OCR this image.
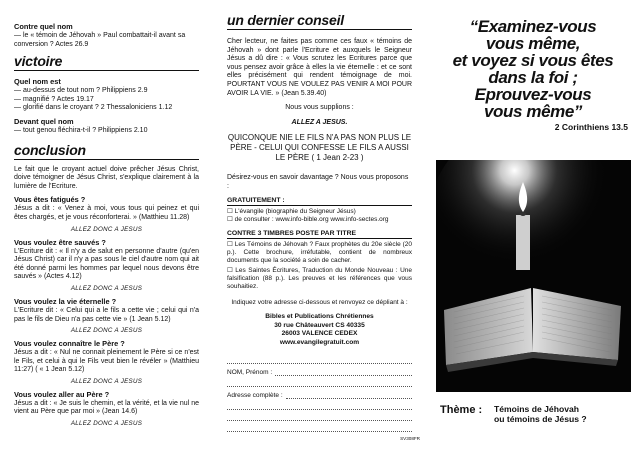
Contre quel nom

— le « témoin de Jéhovah » Paul combattait-il avant sa conversion ? Actes 26.9

victoire

Quel nom est

— au-dessus de tout nom ? Philippiens 2.9

— magnifié ? Actes 19.17

— glorifié dans le croyant ? 2 Thessaloniciens 1.12

Devant quel nom

— tout genou fléchira-t-il ? Philippiens 2.10

conclusion

Le fait que le croyant actuel doive prêcher Jésus Christ, doive témoigner de Jésus Christ, s'explique clairement à la lumière de l'Ecriture.

Vous êtes fatigués ?

Jésus a dit : « Venez à moi, vous tous qui peinez et qui êtes chargés, et je vous réconforterai. » (Matthieu 11.28)

ALLEZ DONC A JESUS

Vous voulez être sauvés ?

L'Ecriture dit : « Il n'y a de salut en personne d'autre (qu'en Jésus Christ) car il n'y a pas sous le ciel d'autre nom qui ait été donné parmi les hommes par lequel nous devons être sauvés » (Actes 4.12)

ALLEZ DONC A JESUS

Vous voulez la vie éternelle ?

L'Ecriture dit : « Celui qui a le fils a cette vie ; celui qui n'a pas le fils de Dieu n'a pas cette vie » (1 Jean 5.12)

ALLEZ DONC A JESUS

Vous voulez connaître le Père ?

Jésus a dit : « Nul ne connait pleinement le Père si ce n'est le Fils, et celui à qui le Fils veut bien le révéler » (Matthieu 11:27) ( « 1 Jean 5.12)

ALLEZ DONC A JESUS

Vous voulez aller au Père ?

Jésus a dit : « Je suis le chemin, et la vérité, et la vie nul ne vient au Père que par moi » (Jean 14.6)

ALLEZ DONC A JESUS

un dernier conseil

Cher lecteur, ne faites pas comme ces faux « témoins de Jéhovah » dont parle l'Ecriture et auxquels le Seigneur Jésus a dû dire : « Vous scrutez les Ecritures parce que vous pensez avoir grâce à elles la vie éternelle : et ce sont elles précisément qui rendent témoignage de moi. POURTANT VOUS NE VOULEZ PAS VENIR A MOI POUR AVOIR LA VIE. » (Jean 5.39.40)

Nous vous supplions :

ALLEZ A JESUS.

QUICONQUE NIE LE FILS N'A PAS NON PLUS LE PÈRE - CELUI QUI CONFESSE LE FILS A AUSSI LE PÈRE ( 1 Jean 2-23 )

Désirez-vous en savoir davantage ? Nous vous proposons :

GRATUITEMENT :

☐ L'évangile (biographie du Seigneur Jésus)

☐ de consulter : www.info-bible.org www.info-sectes.org

CONTRE 3 TIMBRES POSTE PAR TITRE

☐ Les Témoins de Jéhovah ? Faux prophètes du 20e siècle (20 p.). Cette brochure, irréfutable, contient de nombreux documents que la société a soin de cacher.

☐ Les Saintes Écritures, Traduction du Monde Nouveau : Une falsification (88 p.). Les preuves et les références que vous souhaitiez.

Indiquez votre adresse ci-dessous et renvoyez ce dépliant à :

Bibles et Publications Chrétiennes
30 rue Châteauvert CS 40335
26003 VALENCE CEDEX
www.evangilegratuit.com
NOM, Prénom :
Adresse complète :
SV308FR
“Examinez-vous
vous même,
et voyez si vous êtes
dans la foi ;
Eprouvez-vous
vous même”
2 Corinthiens 13.5
Thème :	Témoins de Jéhovah
ou témoins de Jésus ?
